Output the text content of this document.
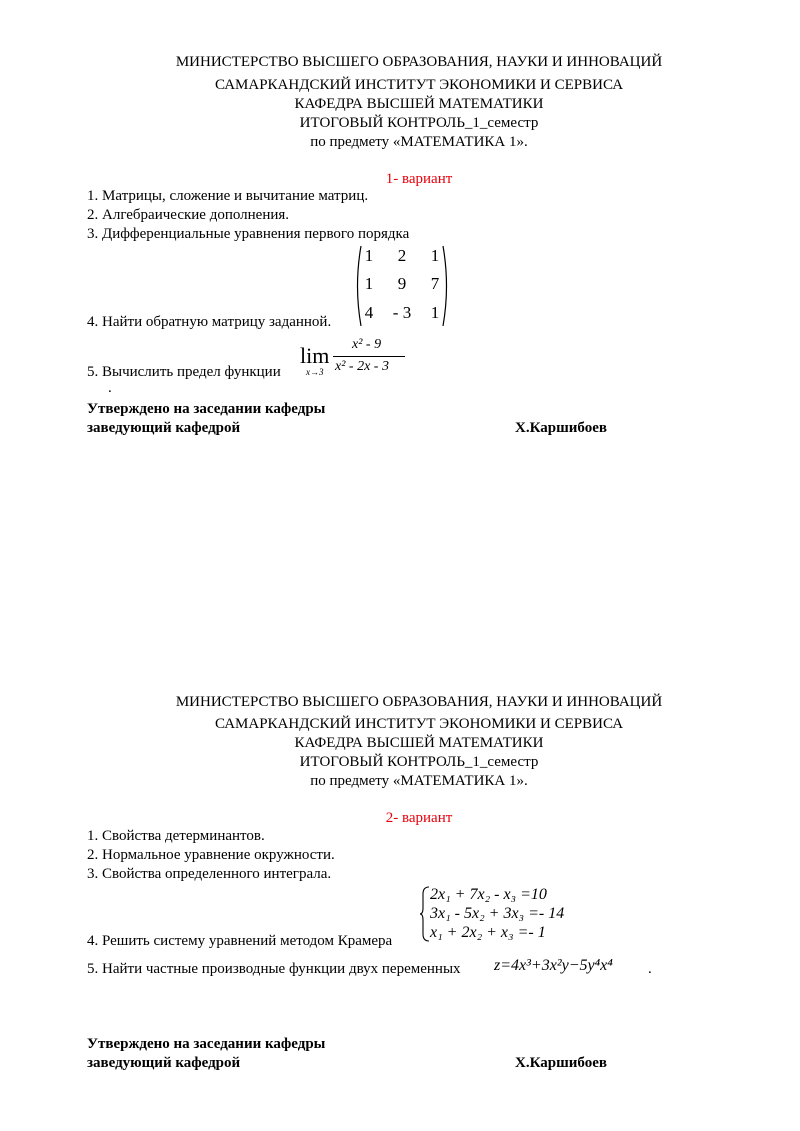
МИНИСТЕРСТВО ВЫСШЕГО ОБРАЗОВАНИЯ, НАУКИ И ИННОВАЦИЙ
САМАРКАНДСКИЙ ИНСТИТУТ ЭКОНОМИКИ И СЕРВИСА
КАФЕДРА ВЫСШЕЙ МАТЕМАТИКИ
ИТОГОВЫЙ КОНТРОЛЬ_1_семестр
по предмету «МАТЕМАТИКА 1».
1- вариант
1. Матрицы, сложение и вычитание матриц.
2. Алгебраические дополнения.
3. Дифференциальные уравнения первого порядка
1	2	1
1	9	7
4	- 3	1
4. Найти обратную матрицу заданной.
5. Вычислить предел функции
lim
x→3
x² - 9
x² - 2x - 3
.
Утверждено на заседании кафедры
заведующий кафедрой	Х.Каршибоев
МИНИСТЕРСТВО ВЫСШЕГО ОБРАЗОВАНИЯ, НАУКИ И ИННОВАЦИЙ
САМАРКАНДСКИЙ ИНСТИТУТ ЭКОНОМИКИ И СЕРВИСА
КАФЕДРА ВЫСШЕЙ МАТЕМАТИКИ
ИТОГОВЫЙ КОНТРОЛЬ_1_семестр
по предмету «МАТЕМАТИКА 1».
2- вариант
1. Свойства детерминантов.
2. Нормальное уравнение окружности.
3. Свойства определенного интеграла.
2x₁ + 7x₂ - x₃ =10
3x₁ - 5x₂ + 3x₃ =- 14
x₁ + 2x₂ + x₃ =- 1
4. Решить систему уравнений методом Крамера
5. Найти частные производные функции двух переменных z=4x³+3x²y−5y⁴x⁴ .
Утверждено на заседании кафедры
заведующий кафедрой	Х.Каршибоев
